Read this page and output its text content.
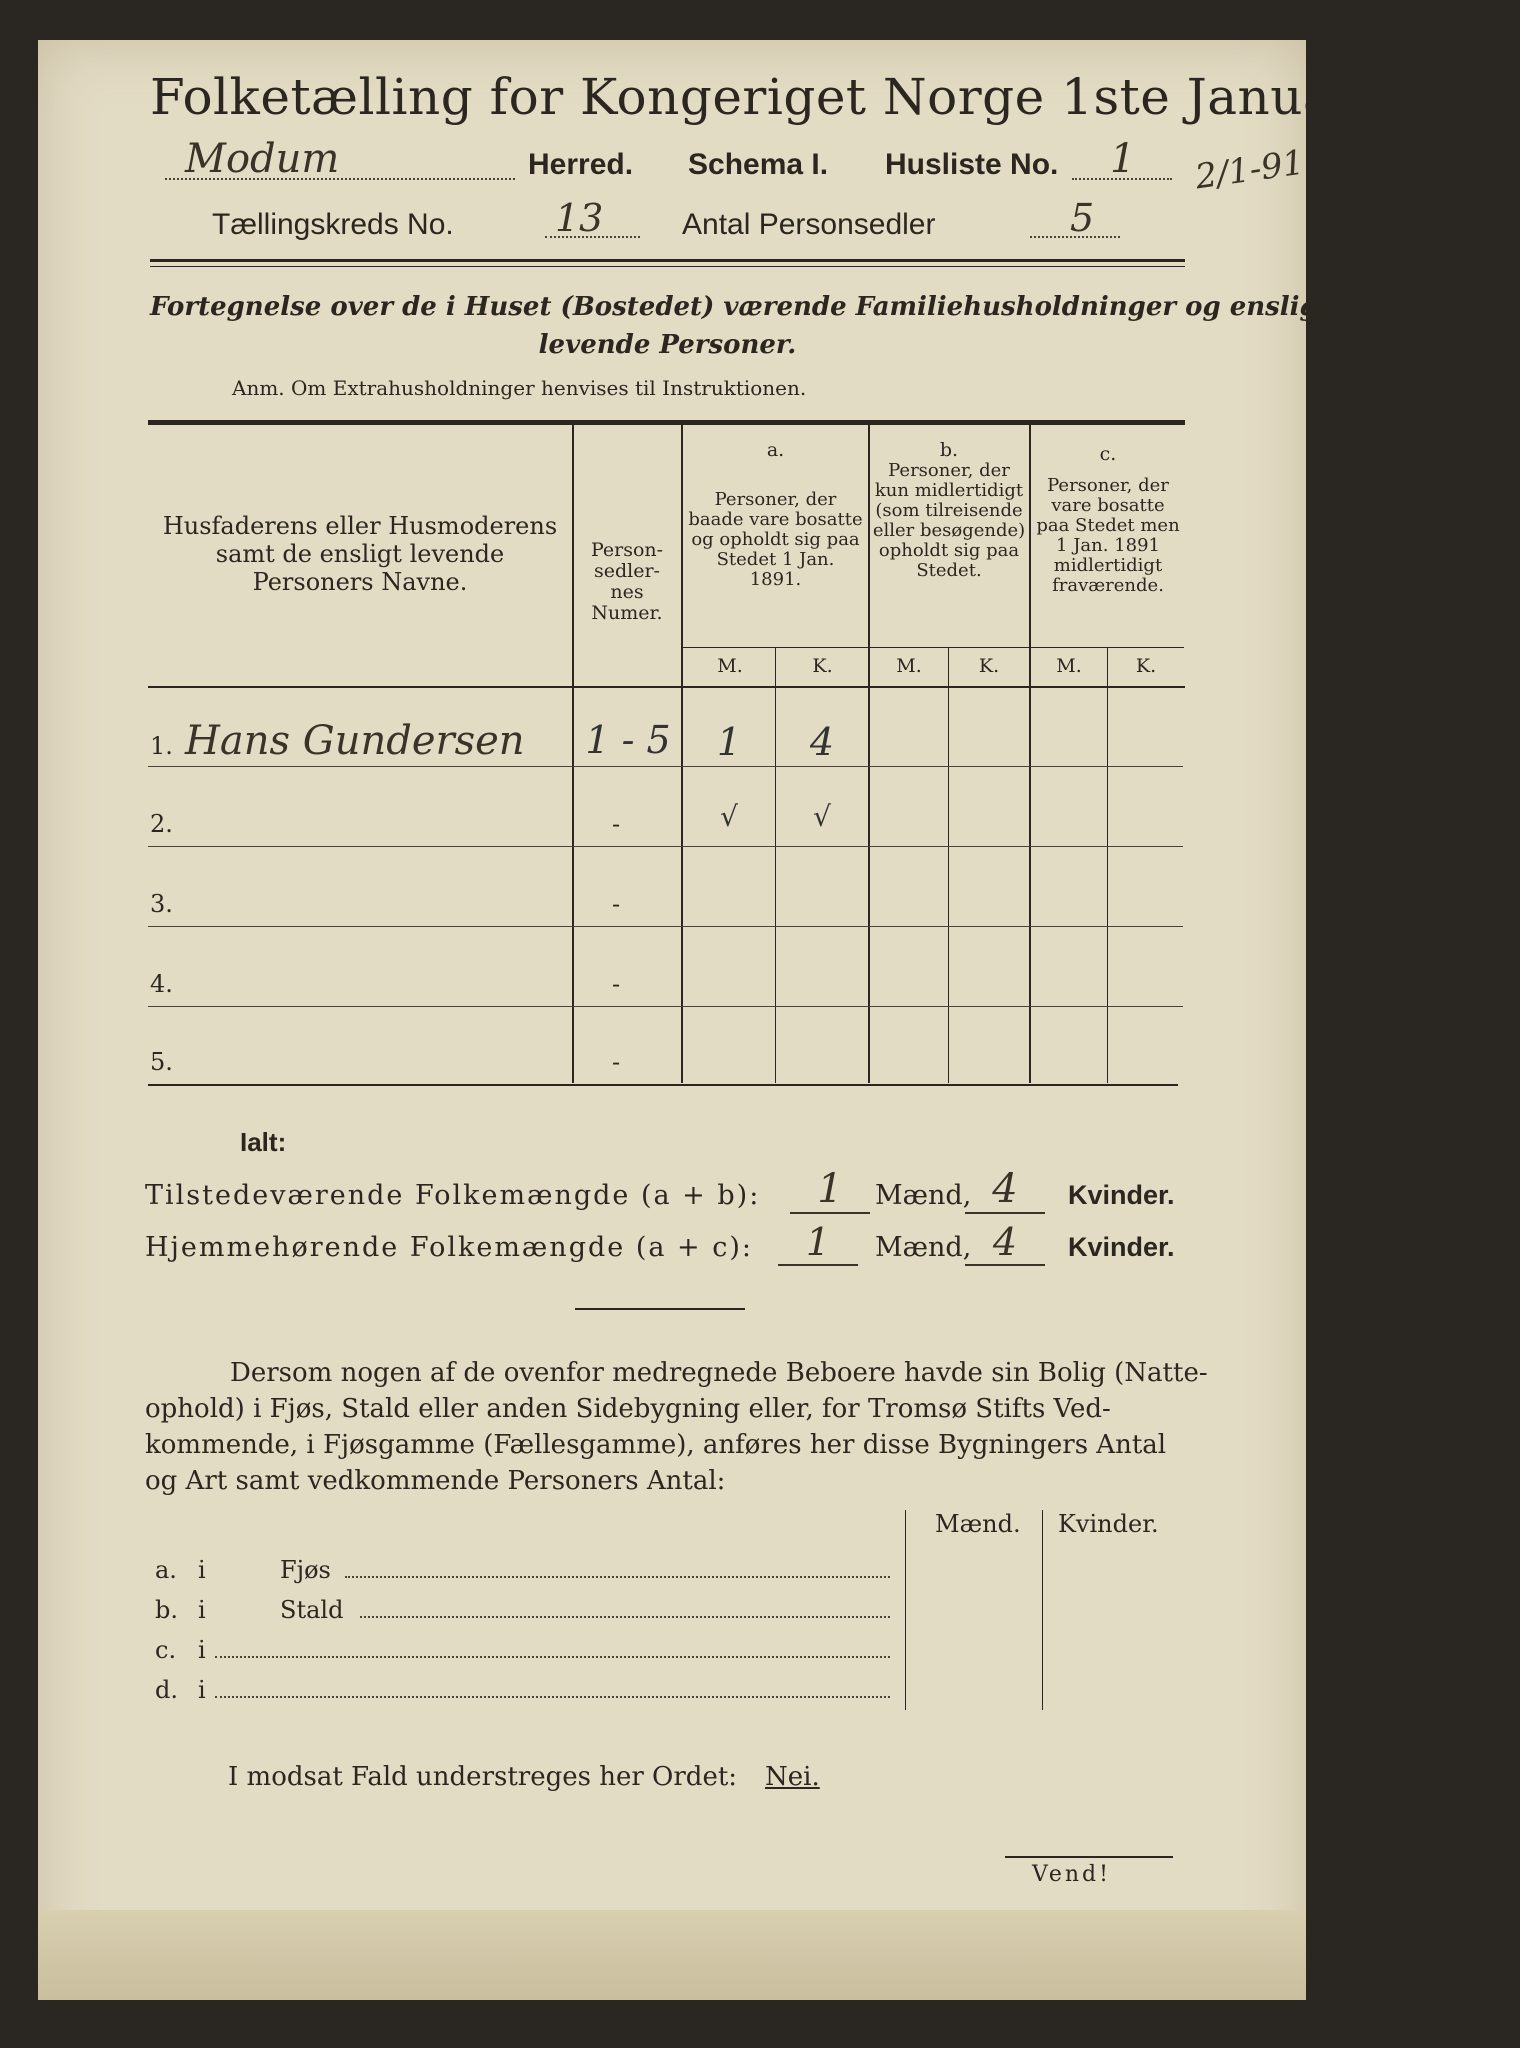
Folketælling for Kongeriget Norge 1ste Januar 1891.
Modum	Herred. Schema I. Husliste No. 1 2/1-91
Tællingskreds No.	13	Antal Personsedler	5
Fortegnelse over de i Huset (Bostedet) værende Familiehusholdninger og ensligt
levende Personer.
Anm. Om Extrahusholdninger henvises til Instruktionen.
Husfaderens eller Husmoderens samt de ensligt levende Personers Navne.
Person-sedler-nes Numer.
a.
Personer, der baade vare bosatte og opholdt sig paa Stedet 1 Jan. 1891.
b.
Personer, der kun midlertidigt (som tilreisende eller besøgende) opholdt sig paa Stedet.
c.
Personer, der vare bosatte paa Stedet men 1 Jan. 1891 midlertidigt fraværende.
M.	K.	M.	K.	M.	K.
1. Hans Gundersen 1 - 5	1	4
2.	-	√	√
3.	-
4.	-
5.	-
Ialt:
Tilstedeværende Folkemængde (a + b):	1	Mænd, 4	Kvinder.
Hjemmehørende Folkemængde (a + c):	1	Mænd, 4	Kvinder.
Dersom nogen af de ovenfor medregnede Beboere havde sin Bolig (Natte-
ophold) i Fjøs, Stald eller anden Sidebygning eller, for Tromsø Stifts Ved-
kommende, i Fjøsgamme (Fællesgamme), anføres her disse Bygningers Antal
og Art samt vedkommende Personers Antal:
Mænd. Kvinder.
a. i	Fjøs
b. i	Stald
c. i
d. i
I modsat Fald understreges her Ordet: Nei.
Vend!
